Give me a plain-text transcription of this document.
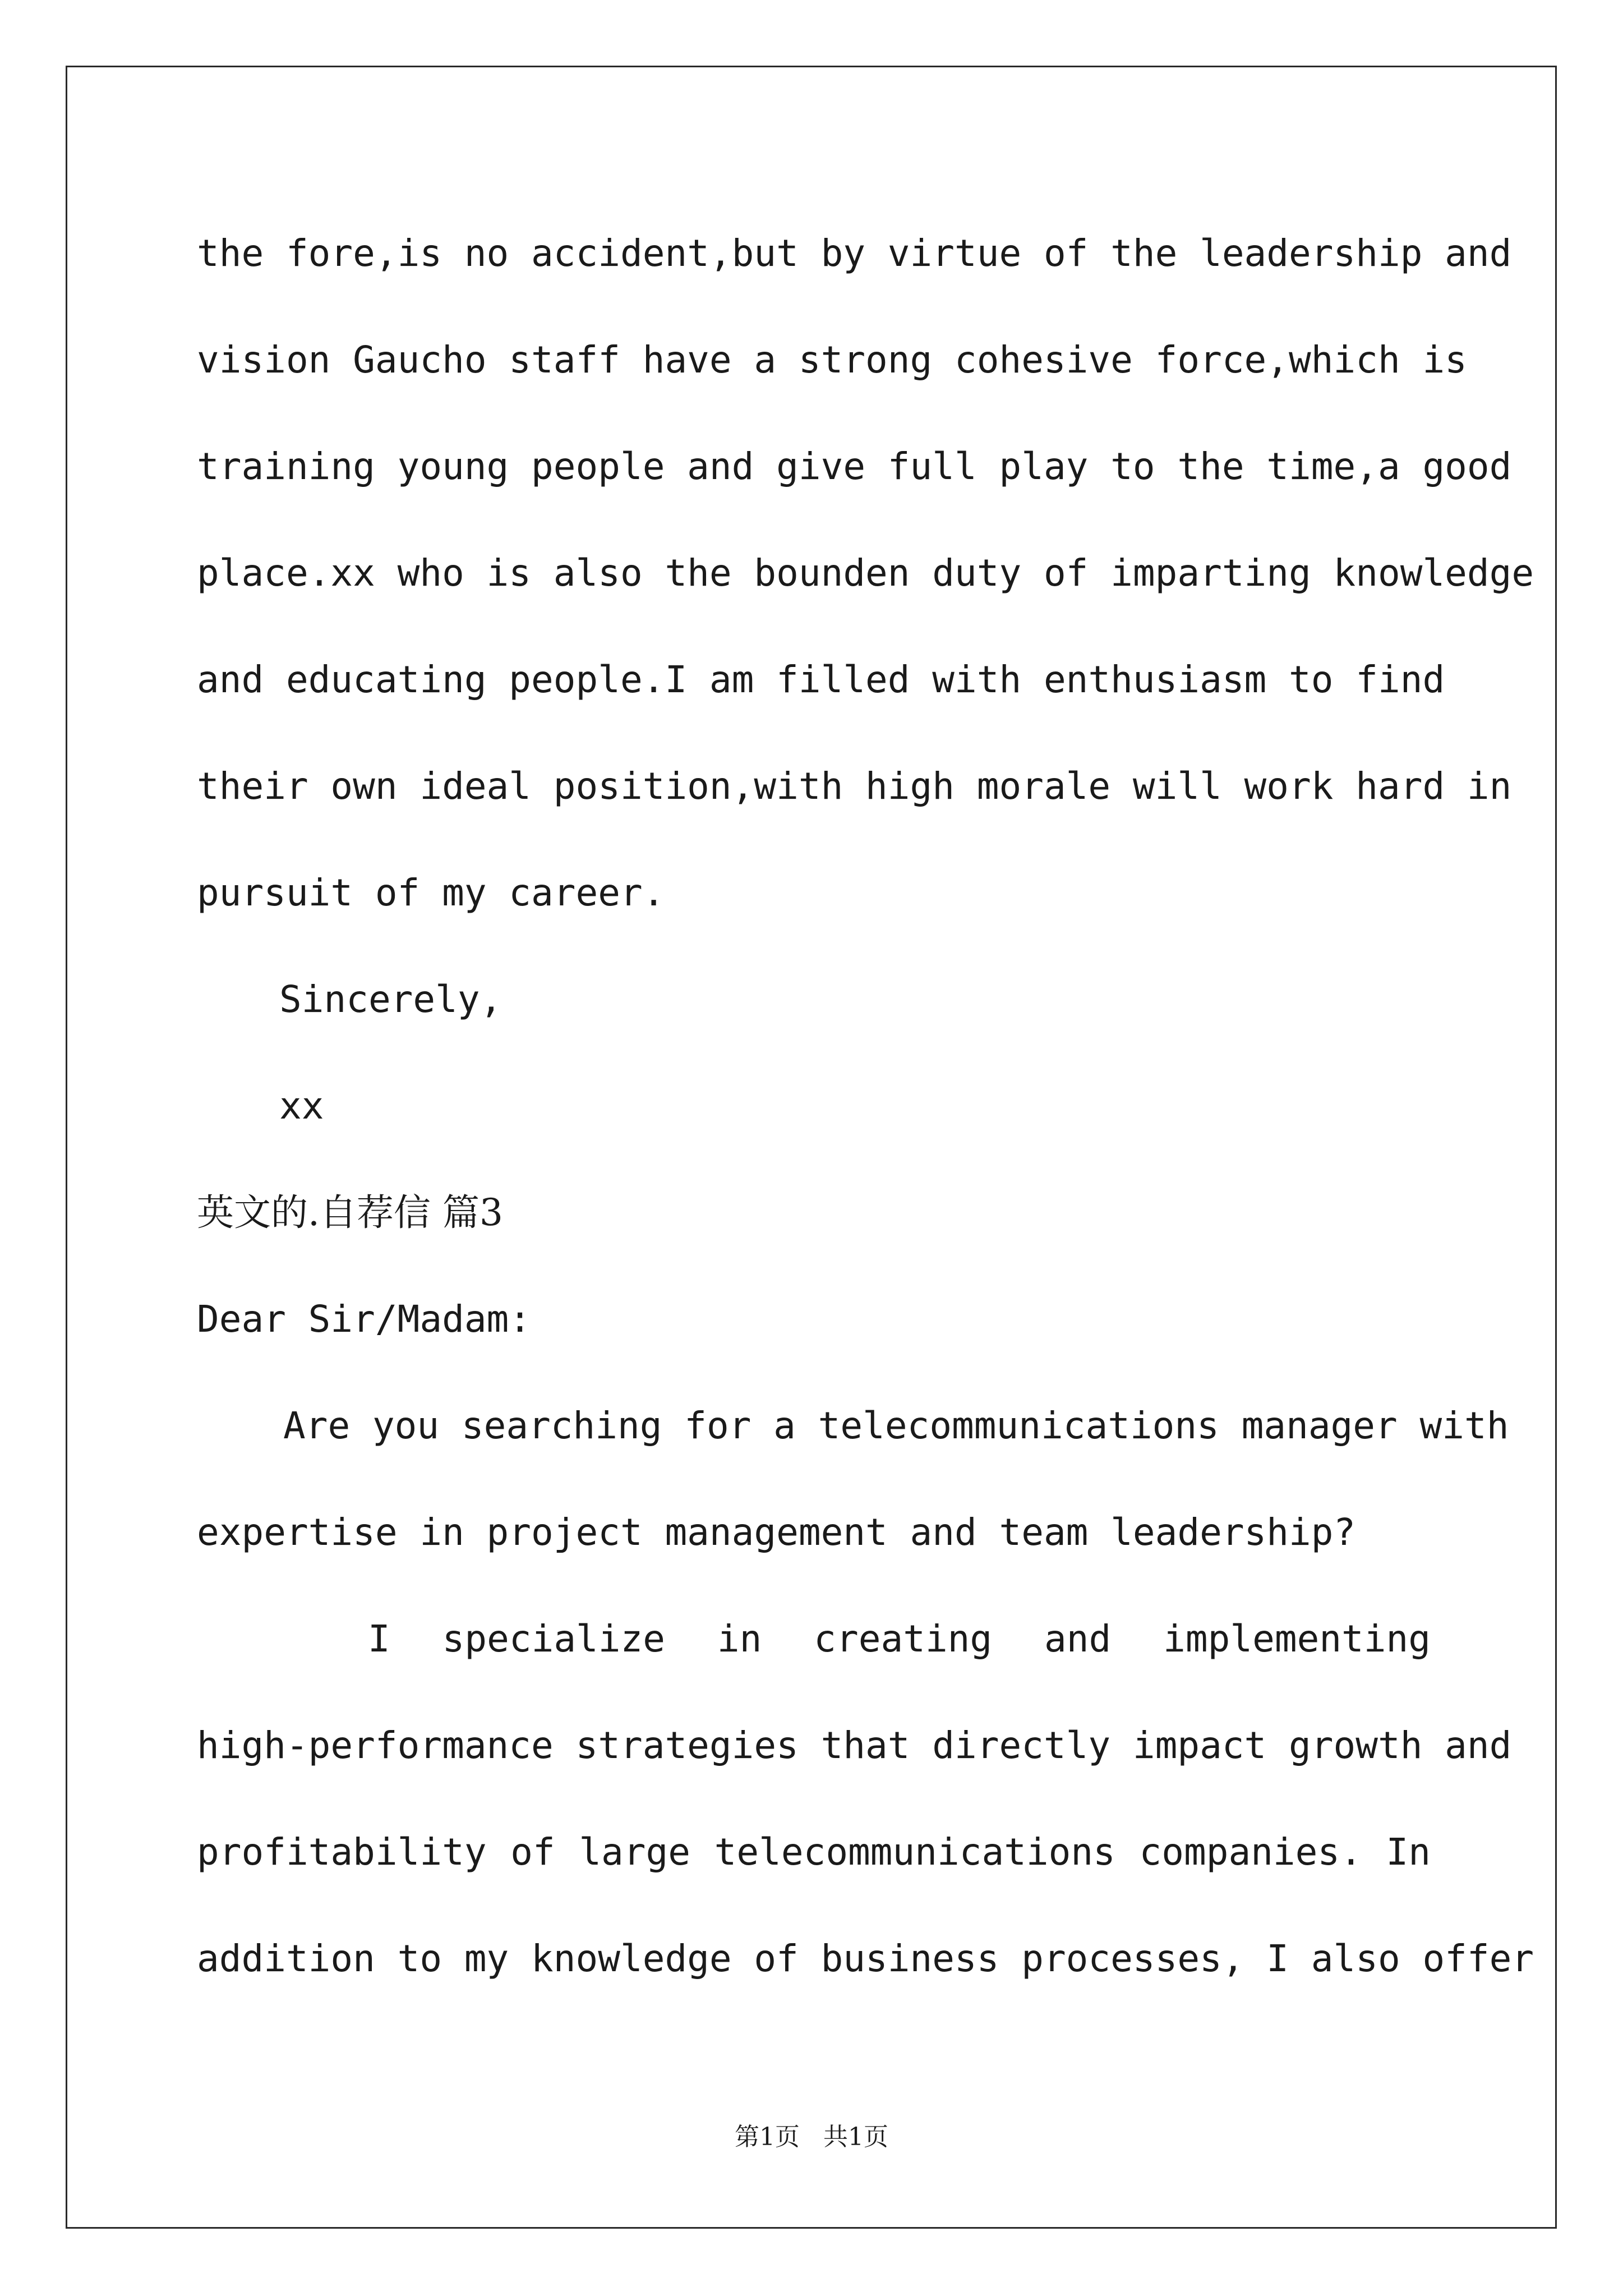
the fore,is no accident,but by virtue of the leadership and
vision Gaucho staff have a strong cohesive force,which is
training young people and give full play to the time,a good
place.xx who is also the bounden duty of imparting knowledge
and educating people.I am filled with enthusiasm to find
their own ideal position,with high morale will work hard in
pursuit of my career.
Sincerely,
xx
英文的.自荐信 篇3
Dear Sir/Madam:
Are you searching for a telecommunications manager with
expertise in project management and team leadership?
I specialize in creating and implementing
high-performance strategies that directly impact growth and
profitability of large telecommunications companies. In
addition to my knowledge of business processes, I also offer
第1页   共1页
